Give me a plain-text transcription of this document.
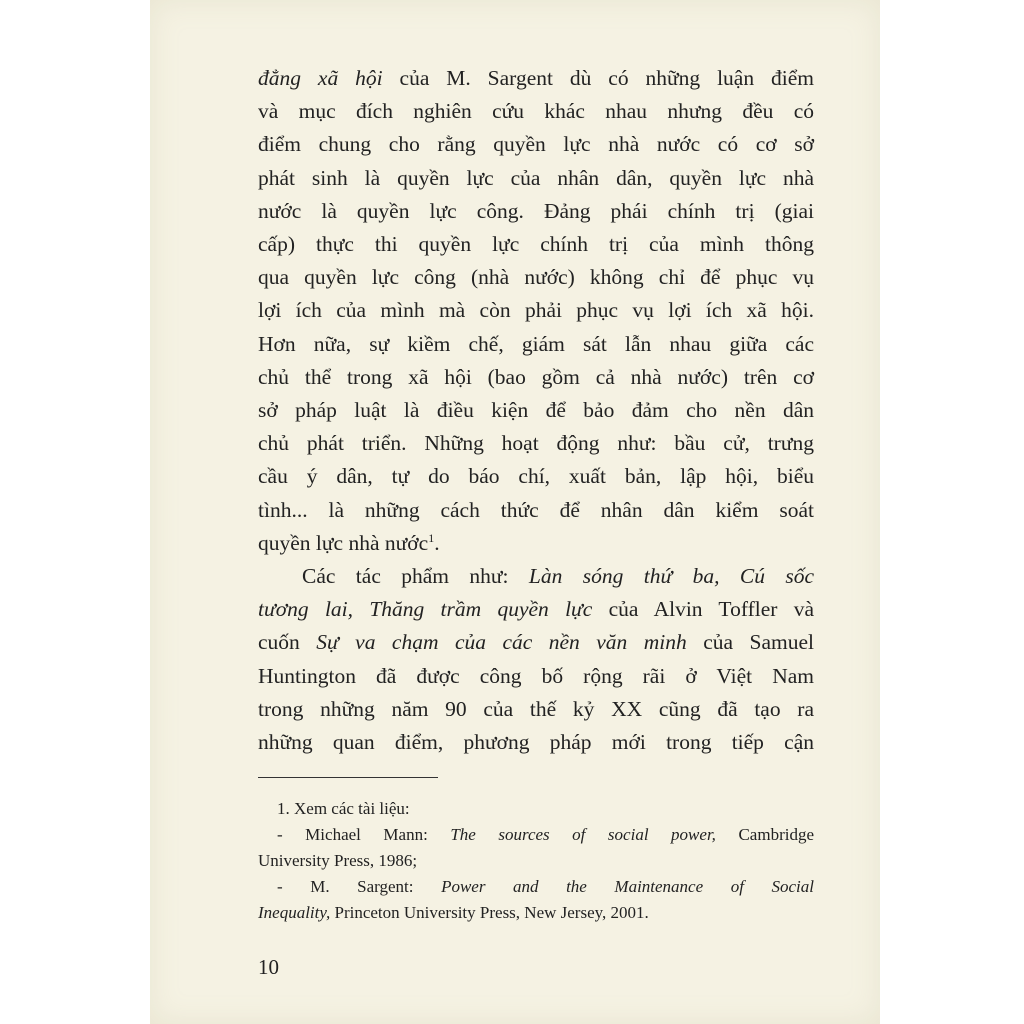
đẳng xã hội của M. Sargent dù có những luận điểm
và mục đích nghiên cứu khác nhau nhưng đều có
điểm chung cho rằng quyền lực nhà nước có cơ sở
phát sinh là quyền lực của nhân dân, quyền lực nhà
nước là quyền lực công. Đảng phái chính trị (giai
cấp) thực thi quyền lực chính trị của mình thông
qua quyền lực công (nhà nước) không chỉ để phục vụ
lợi ích của mình mà còn phải phục vụ lợi ích xã hội.
Hơn nữa, sự kiềm chế, giám sát lẫn nhau giữa các
chủ thể trong xã hội (bao gồm cả nhà nước) trên cơ
sở pháp luật là điều kiện để bảo đảm cho nền dân
chủ phát triển. Những hoạt động như: bầu cử, trưng
cầu ý dân, tự do báo chí, xuất bản, lập hội, biểu
tình... là những cách thức để nhân dân kiểm soát
quyền lực nhà nước$^1$.

Các tác phẩm như: Làn sóng thứ ba, Cú sốc
tương lai, Thăng trầm quyền lực của Alvin Toffler và
cuốn Sự va chạm của các nền văn minh của Samuel
Huntington đã được công bố rộng rãi ở Việt Nam
trong những năm 90 của thế kỷ XX cũng đã tạo ra
những quan điểm, phương pháp mới trong tiếp cận

1. Xem các tài liệu:
- Michael Mann: The sources of social power, Cambridge
University Press, 1986;
- M. Sargent: Power and the Maintenance of Social
Inequality, Princeton University Press, New Jersey, 2001.
10
